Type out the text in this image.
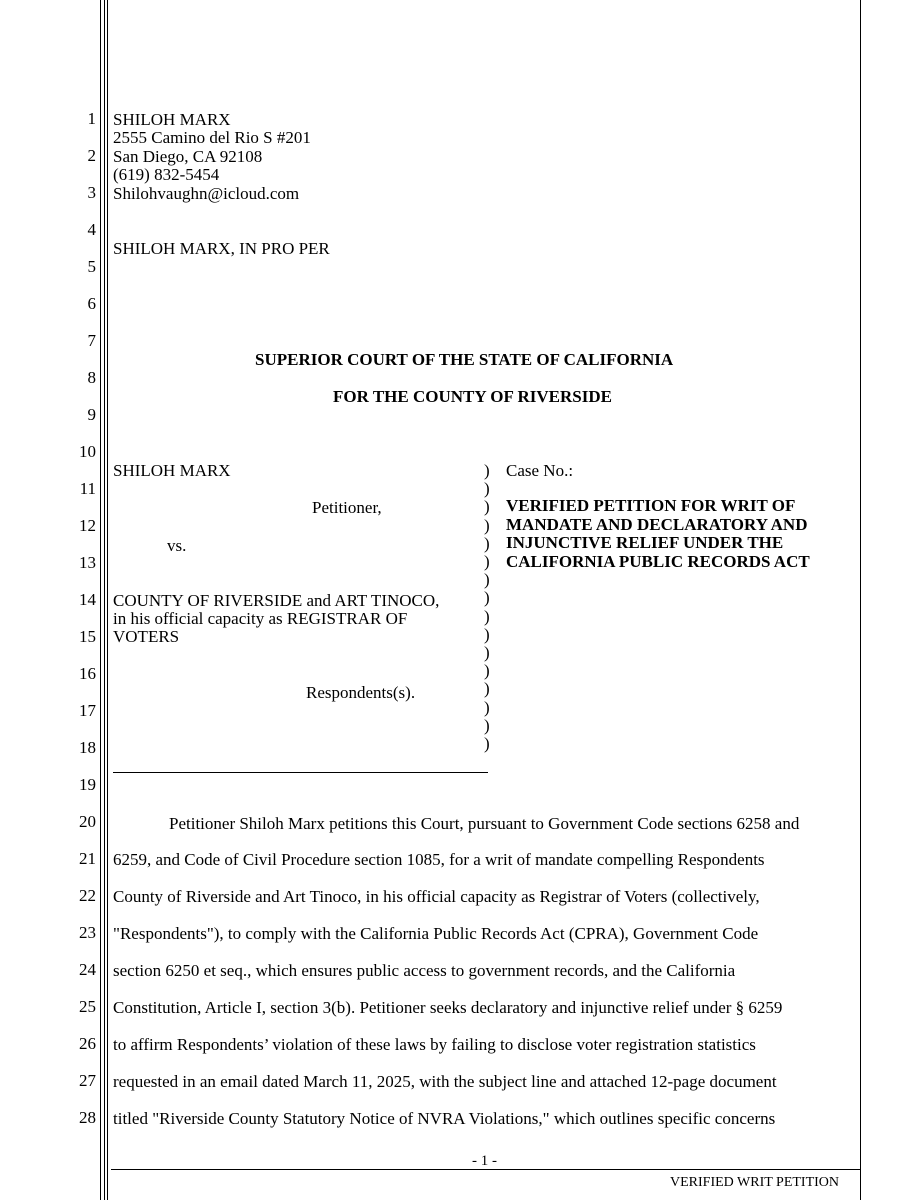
1
2
3
4
5
6
7
8
9
10
11
12
13
14
15
16
17
18
19
20
21
22
23
24
25
26
27
28
SHILOH MARX
2555 Camino del Rio S #201
San Diego, CA 92108
(619) 832-5454
Shilohvaughn@icloud.com
SHILOH MARX, IN PRO PER
SUPERIOR COURT OF THE STATE OF CALIFORNIA
FOR THE COUNTY OF RIVERSIDE
SHILOH MARX
Petitioner,
vs.
COUNTY OF RIVERSIDE and ART TINOCO,
in his official capacity as REGISTRAR OF
VOTERS
Respondents(s).
)
)
)
)
)
)
)
)
)
)
)
)
)
)
)
)
Case No.:
VERIFIED PETITION FOR WRIT OF
MANDATE AND DECLARATORY AND
INJUNCTIVE RELIEF UNDER THE
CALIFORNIA PUBLIC RECORDS ACT
Petitioner Shiloh Marx petitions this Court, pursuant to Government Code sections 6258 and
6259, and Code of Civil Procedure section 1085, for a writ of mandate compelling Respondents
County of Riverside and Art Tinoco, in his official capacity as Registrar of Voters (collectively,
"Respondents"), to comply with the California Public Records Act (CPRA), Government Code
section 6250 et seq., which ensures public access to government records, and the California
Constitution, Article I, section 3(b). Petitioner seeks declaratory and injunctive relief under § 6259
to affirm Respondents’ violation of these laws by failing to disclose voter registration statistics
requested in an email dated March 11, 2025, with the subject line and attached 12-page document
titled "Riverside County Statutory Notice of NVRA Violations," which outlines specific concerns
- 1 -
VERIFIED WRIT PETITION
